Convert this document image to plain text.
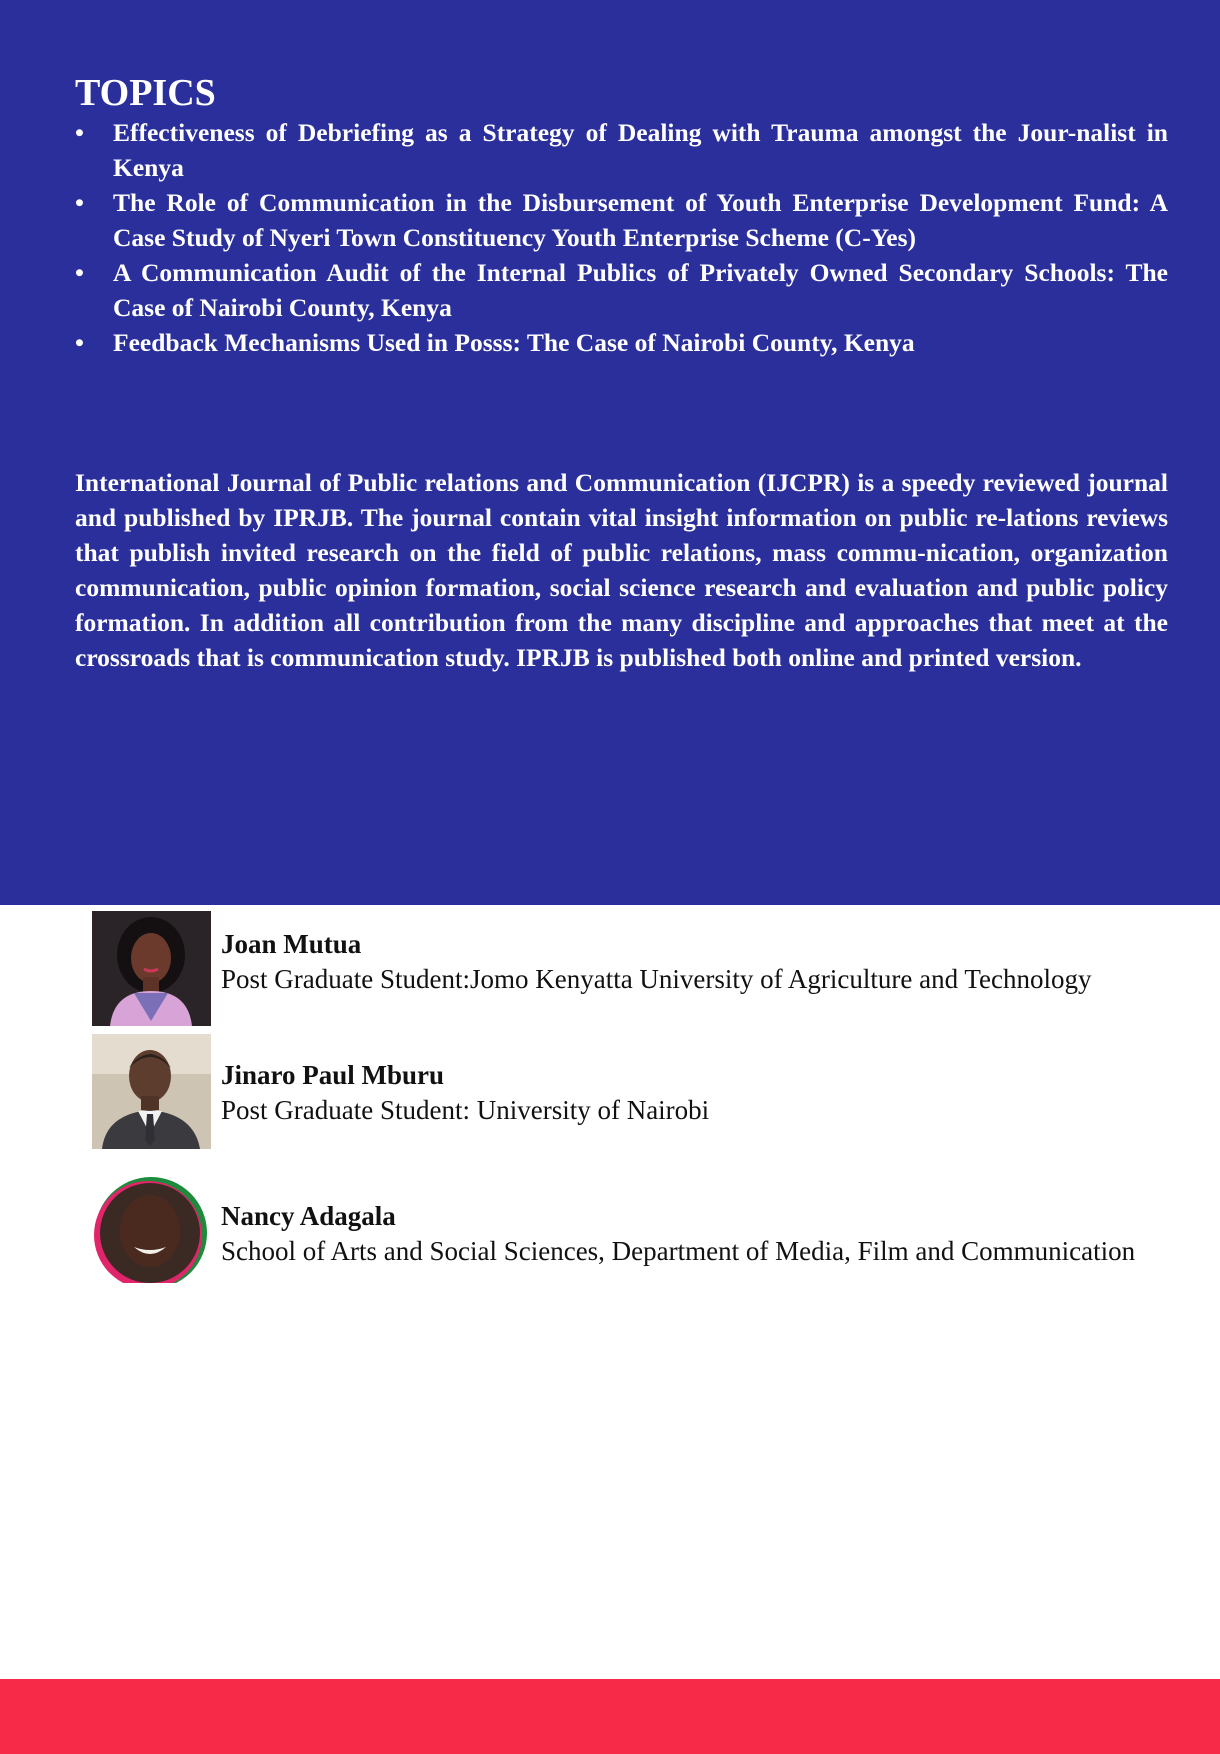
TOPICS
• Effectiveness of Debriefing as a Strategy of Dealing with Trauma amongst the Jour-nalist in Kenya
• The Role of Communication in the Disbursement of Youth Enterprise Development Fund: A Case Study of Nyeri Town Constituency Youth Enterprise Scheme (C-Yes)
• A Communication Audit of the Internal Publics of Privately Owned Secondary Schools: The Case of Nairobi County, Kenya
• Feedback Mechanisms Used in Posss: The Case of Nairobi County, Kenya

International Journal of Public relations and Communication (IJCPR) is a speedy reviewed journal and published by IPRJB. The journal contain vital insight information on public re-lations reviews that publish invited research on the field of public relations, mass commu-nication, organization communication, public opinion formation, social science research and evaluation and public policy formation. In addition all contribution from the many discipline and approaches that meet at the crossroads that is communication study. IPRJB is published both online and printed version.

Joan Mutua
Post Graduate Student:Jomo Kenyatta University of Agriculture and Technology
Jinaro Paul Mburu
Post Graduate Student: University of Nairobi
Nancy Adagala
School of Arts and Social Sciences, Department of Media, Film and Communication
